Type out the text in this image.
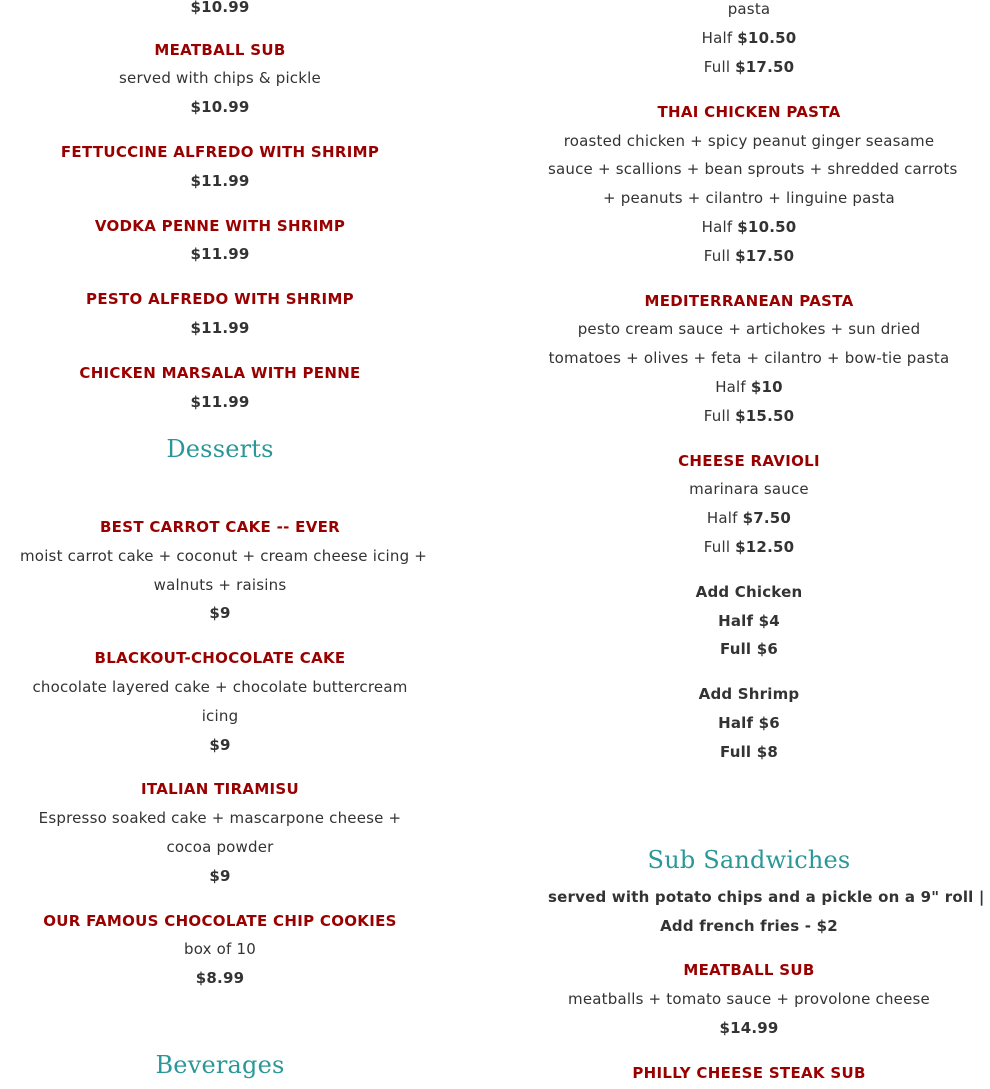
$10.99
MEATBALL SUB
served with chips & pickle
$10.99
FETTUCCINE ALFREDO WITH SHRIMP
$11.99
VODKA PENNE WITH SHRIMP
$11.99
PESTO ALFREDO WITH SHRIMP
$11.99
CHICKEN MARSALA WITH PENNE
$11.99
Desserts
BEST CARROT CAKE -- EVER
moist carrot cake + coconut + cream cheese icing +
walnuts + raisins
$9
BLACKOUT-CHOCOLATE CAKE
chocolate layered cake + chocolate buttercream
icing
$9
ITALIAN TIRAMISU
Espresso soaked cake + mascarpone cheese +
cocoa powder
$9
OUR FAMOUS CHOCOLATE CHIP COOKIES
box of 10
$8.99
Beverages
pasta
Half $10.50
Full $17.50
THAI CHICKEN PASTA
roasted chicken + spicy peanut ginger seasame
sauce + scallions + bean sprouts + shredded carrots
+ peanuts + cilantro + linguine pasta
Half $10.50
Full $17.50
MEDITERRANEAN PASTA
pesto cream sauce + artichokes + sun dried
tomatoes + olives + feta + cilantro + bow-tie pasta
Half $10
Full $15.50
CHEESE RAVIOLI
marinara sauce
Half $7.50
Full $12.50
Add Chicken
Half $4
Full $6
Add Shrimp
Half $6
Full $8
Sub Sandwiches
served with potato chips and a pickle on a 9" roll |
Add french fries - $2
MEATBALL SUB
meatballs + tomato sauce + provolone cheese
$14.99
PHILLY CHEESE STEAK SUB
